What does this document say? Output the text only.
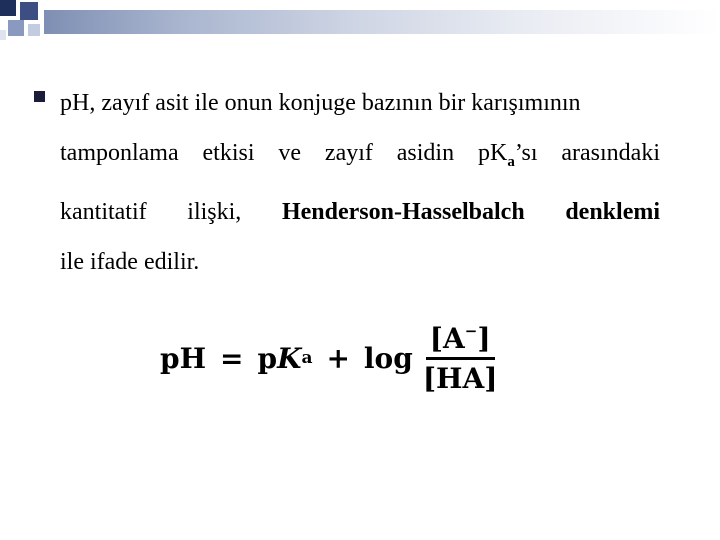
pH, zayıf asit ile onun konjuge bazının bir karışımının
tamponlama etkisi ve zayıf asidin $pK_a’sı$ arasındaki
kantitatif ilişki, Henderson-Hasselbalch denklemi
ile ifade edilir.
pH = p K $a + \log \frac{[A^-]}{[HA]}$
